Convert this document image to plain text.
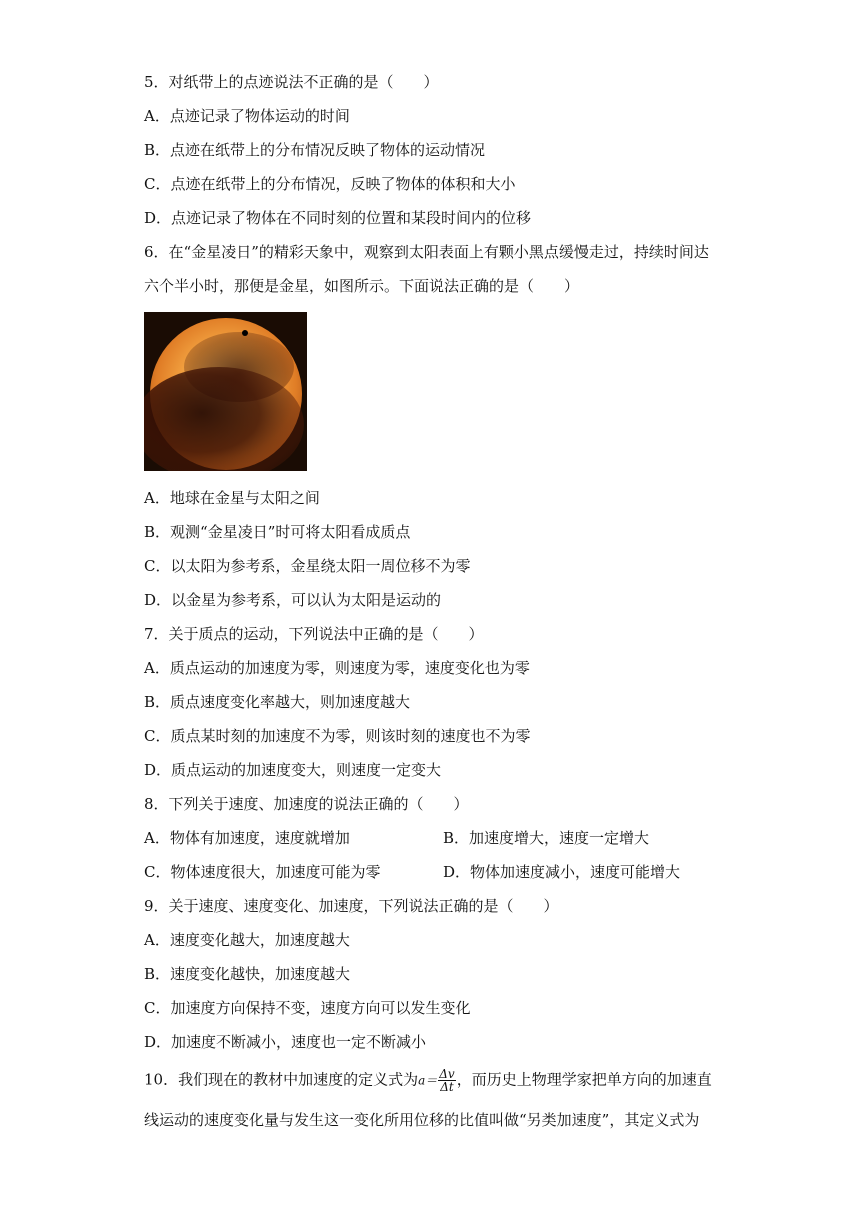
5．对纸带上的点迹说法不正确的是（　　）
A．点迹记录了物体运动的时间
B．点迹在纸带上的分布情况反映了物体的运动情况
C．点迹在纸带上的分布情况，反映了物体的体积和大小
D．点迹记录了物体在不同时刻的位置和某段时间内的位移
6．在“金星凌日”的精彩天象中，观察到太阳表面上有颗小黑点缓慢走过，持续时间达
六个半小时，那便是金星，如图所示。下面说法正确的是（　　）
A．地球在金星与太阳之间
B．观测“金星凌日”时可将太阳看成质点
C．以太阳为参考系，金星绕太阳一周位移不为零
D．以金星为参考系，可以认为太阳是运动的
7．关于质点的运动，下列说法中正确的是（　　）
A．质点运动的加速度为零，则速度为零，速度变化也为零
B．质点速度变化率越大，则加速度越大
C．质点某时刻的加速度不为零，则该时刻的速度也不为零
D．质点运动的加速度变大，则速度一定变大
8．下列关于速度、加速度的说法正确的（　　）
A．物体有加速度，速度就增加	B．加速度增大，速度一定增大
C．物体速度很大，加速度可能为零	D．物体加速度减小，速度可能增大
9．关于速度、速度变化、加速度，下列说法正确的是（　　）
A．速度变化越大，加速度越大
B．速度变化越快，加速度越大
C．加速度方向保持不变，速度方向可以发生变化
D．加速度不断减小，速度也一定不断减小
10．我们现在的教材中加速度的定义式为$a= \frac{\Delta v}{\Delta t}$ ，而历史上物理学家把单方向的加速直
线运动的速度变化量与发生这一变化所用位移的比值叫做“另类加速度”，其定义式为
